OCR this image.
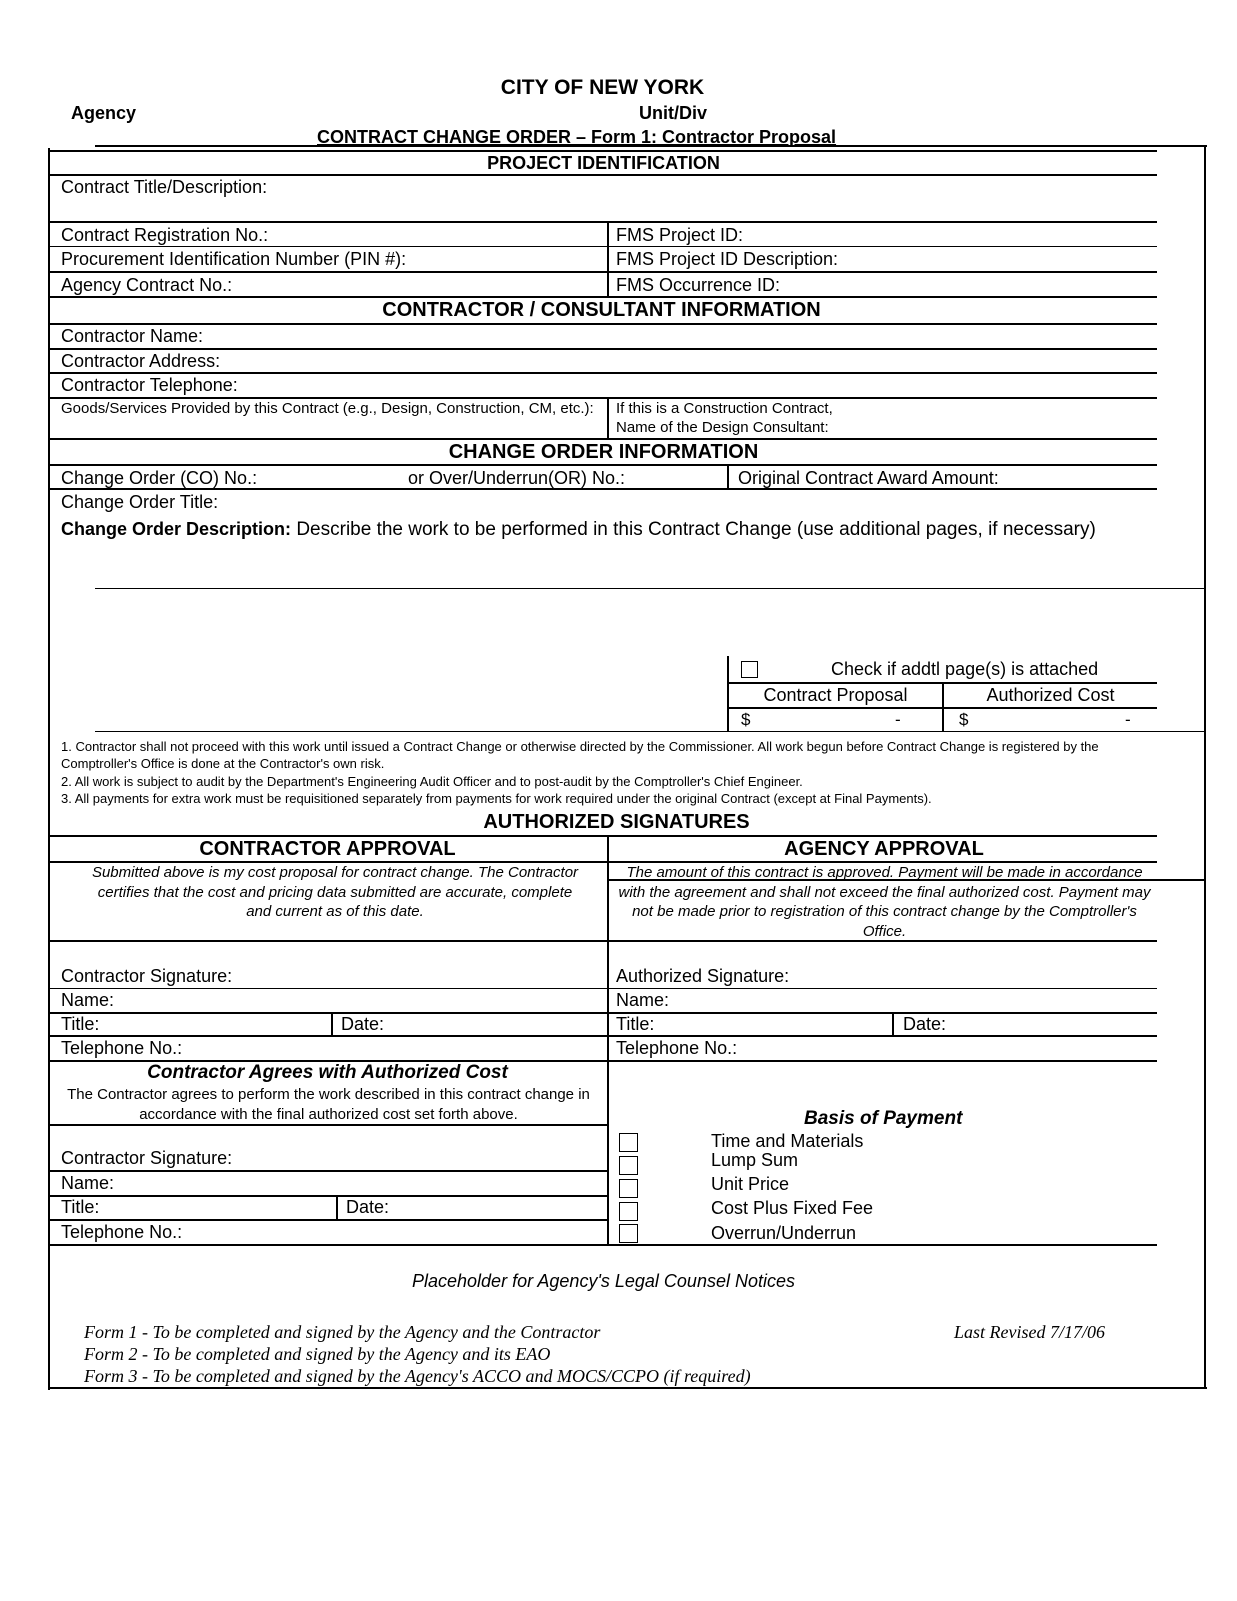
CITY OF NEW YORK
Agency	Unit/Div
CONTRACT CHANGE ORDER – Form 1: Contractor Proposal
PROJECT IDENTIFICATION
Contract Title/Description:
Contract Registration No.:	FMS Project ID:
Procurement Identification Number (PIN #):	FMS Project ID Description:
Agency Contract No.:	FMS Occurrence ID:
CONTRACTOR / CONSULTANT INFORMATION
Contractor Name:
Contractor Address:
Contractor Telephone:
Goods/Services Provided by this Contract (e.g., Design, Construction, CM, etc.):	If this is a Construction Contract,
Name of the Design Consultant:
CHANGE ORDER INFORMATION
Change Order (CO) No.:	or Over/Underrun(OR) No.:	Original Contract Award Amount:
Change Order Title:
Change Order Description: Describe the work to be performed in this Contract Change (use additional pages, if necessary)
Check if addtl page(s) is attached
Contract Proposal	Authorized Cost
$	-	$	-
1. Contractor shall not proceed with this work until issued a Contract Change or otherwise directed by the Commissioner. All work begun before Contract Change is registered by the Comptroller's Office is done at the Contractor's own risk.
2. All work is subject to audit by the Department's Engineering Audit Officer and to post-audit by the Comptroller's Chief Engineer.
3. All payments for extra work must be requisitioned separately from payments for work required under the original Contract (except at Final Payments).
AUTHORIZED SIGNATURES
CONTRACTOR APPROVAL	AGENCY APPROVAL
Submitted above is my cost proposal for contract change. The Contractor certifies that the cost and pricing data submitted are accurate, complete and current as of this date.
The amount of this contract is approved. Payment will be made in accordance with the agreement and shall not exceed the final authorized cost. Payment may not be made prior to registration of this contract change by the Comptroller's Office.
Contractor Signature:	Authorized Signature:
Name:	Name:
Title:	Date:	Title:	Date:
Telephone No.:	Telephone No.:
Contractor Agrees with Authorized Cost
The Contractor agrees to perform the work described in this contract change in accordance with the final authorized cost set forth above.
Contractor Signature:
Name:
Title:	Date:
Telephone No.:
Basis of Payment
Time and Materials
Lump Sum
Unit Price
Cost Plus Fixed Fee
Overrun/Underrun
Placeholder for Agency's Legal Counsel Notices
Form 1 - To be completed and signed by the Agency and the Contractor
Form 2 - To be completed and signed by the Agency and its EAO
Form 3 - To be completed and signed by the Agency's ACCO and MOCS/CCPO (if required)
Last Revised 7/17/06
